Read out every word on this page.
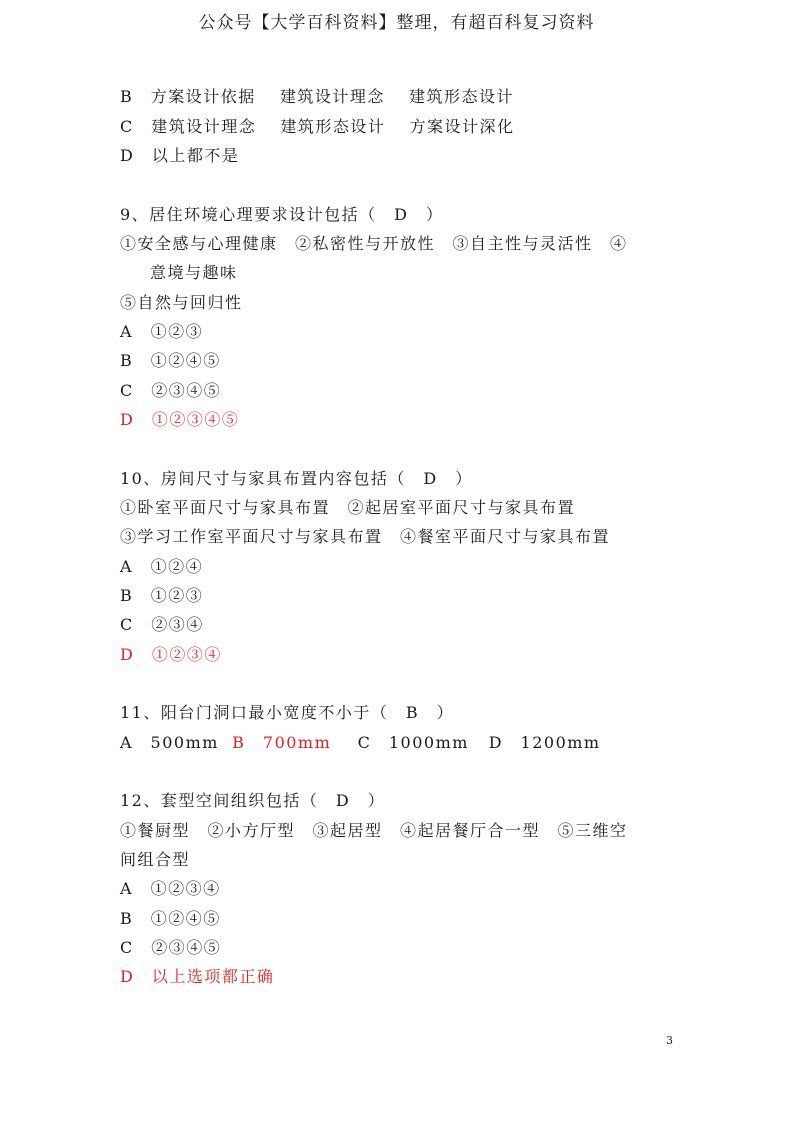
公众号【大学百科资料】整理，有超百科复习资料
B　 方案设计依据　 建筑设计理念　 建筑形态设计
C　 建筑设计理念　 建筑形态设计　 方案设计深化
D　 以上都不是
9、居住环境心理要求设计包括（　D　）
①安全感与心理健康　②私密性与开放性　③自主性与灵活性　④
意境与趣味
⑤自然与回归性
A　 ①②③
B　 ①②④⑤
C　 ②③④⑤
D　 ①②③④⑤
10、房间尺寸与家具布置内容包括（　D　）
①卧室平面尺寸与家具布置　②起居室平面尺寸与家具布置
③学习工作室平面尺寸与家具布置　④餐室平面尺寸与家具布置
A　 ①②④
B　 ①②③
C　 ②③④
D　 ①②③④
11、阳台门洞口最小宽度不小于（　B　）
A　500mm B　700mm C　1000mm D　1200mm
12、套型空间组织包括（　D　）
①餐厨型　②小方厅型　③起居型　④起居餐厅合一型　⑤三维空
间组合型
A　 ①②③④
B　 ①②④⑤
C　 ②③④⑤
D　 以上选项都正确
3
